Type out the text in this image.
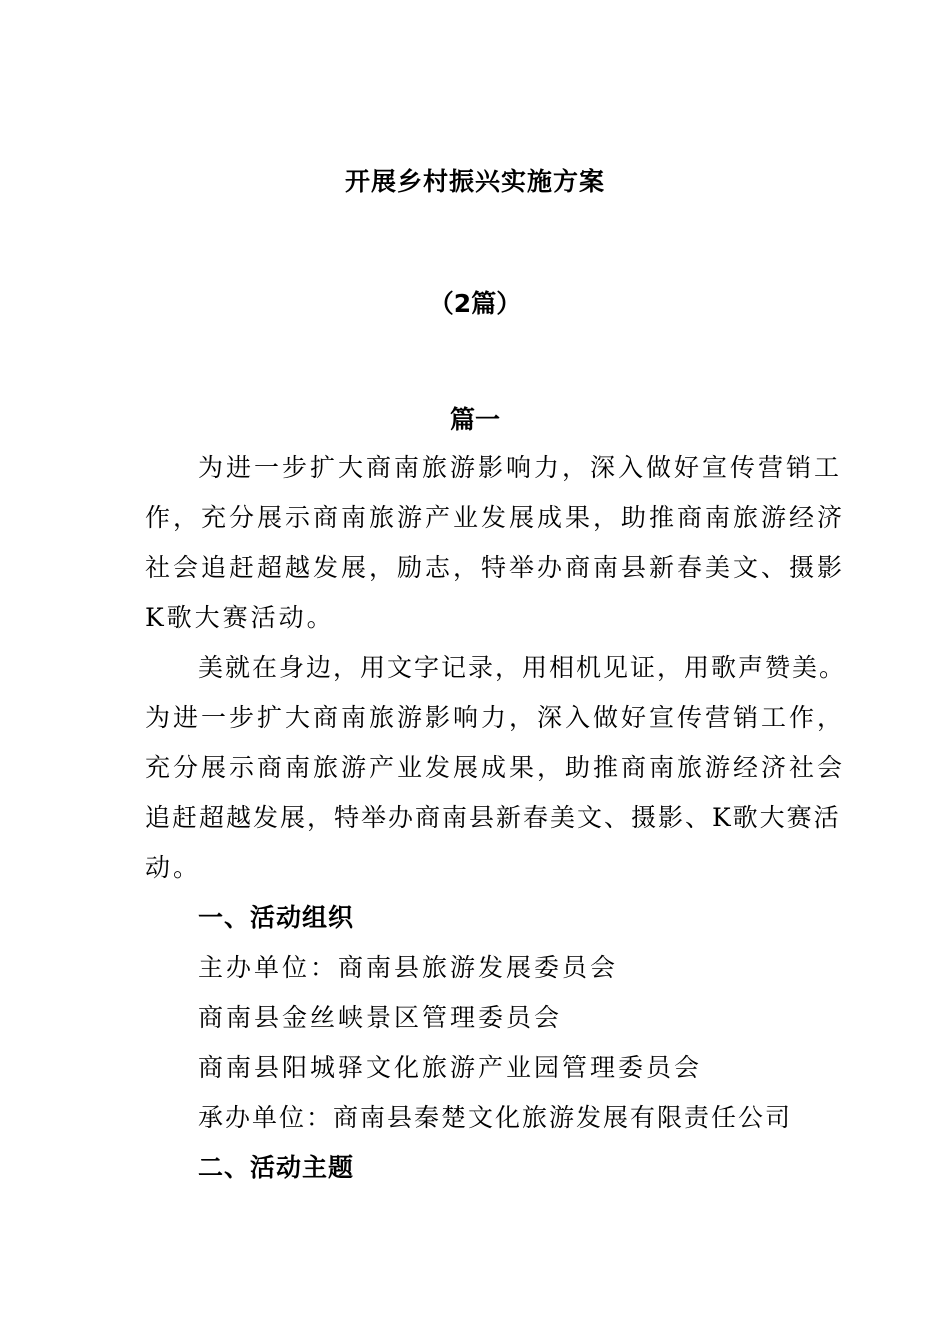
开展乡村振兴实施方案
（2篇）
篇一

为进一步扩大商南旅游影响力，深入做好宣传营销工

作，充分展示商南旅游产业发展成果，助推商南旅游经济

社会追赶超越发展，励志，特举办商南县新春美文、摄影

K歌大赛活动。

美就在身边，用文字记录，用相机见证，用歌声赞美。

为进一步扩大商南旅游影响力，深入做好宣传营销工作，

充分展示商南旅游产业发展成果，助推商南旅游经济社会

追赶超越发展，特举办商南县新春美文、摄影、K歌大赛活

动。

一、活动组织

主办单位：商南县旅游发展委员会

商南县金丝峡景区管理委员会

商南县阳城驿文化旅游产业园管理委员会

承办单位：商南县秦楚文化旅游发展有限责任公司

二、活动主题
